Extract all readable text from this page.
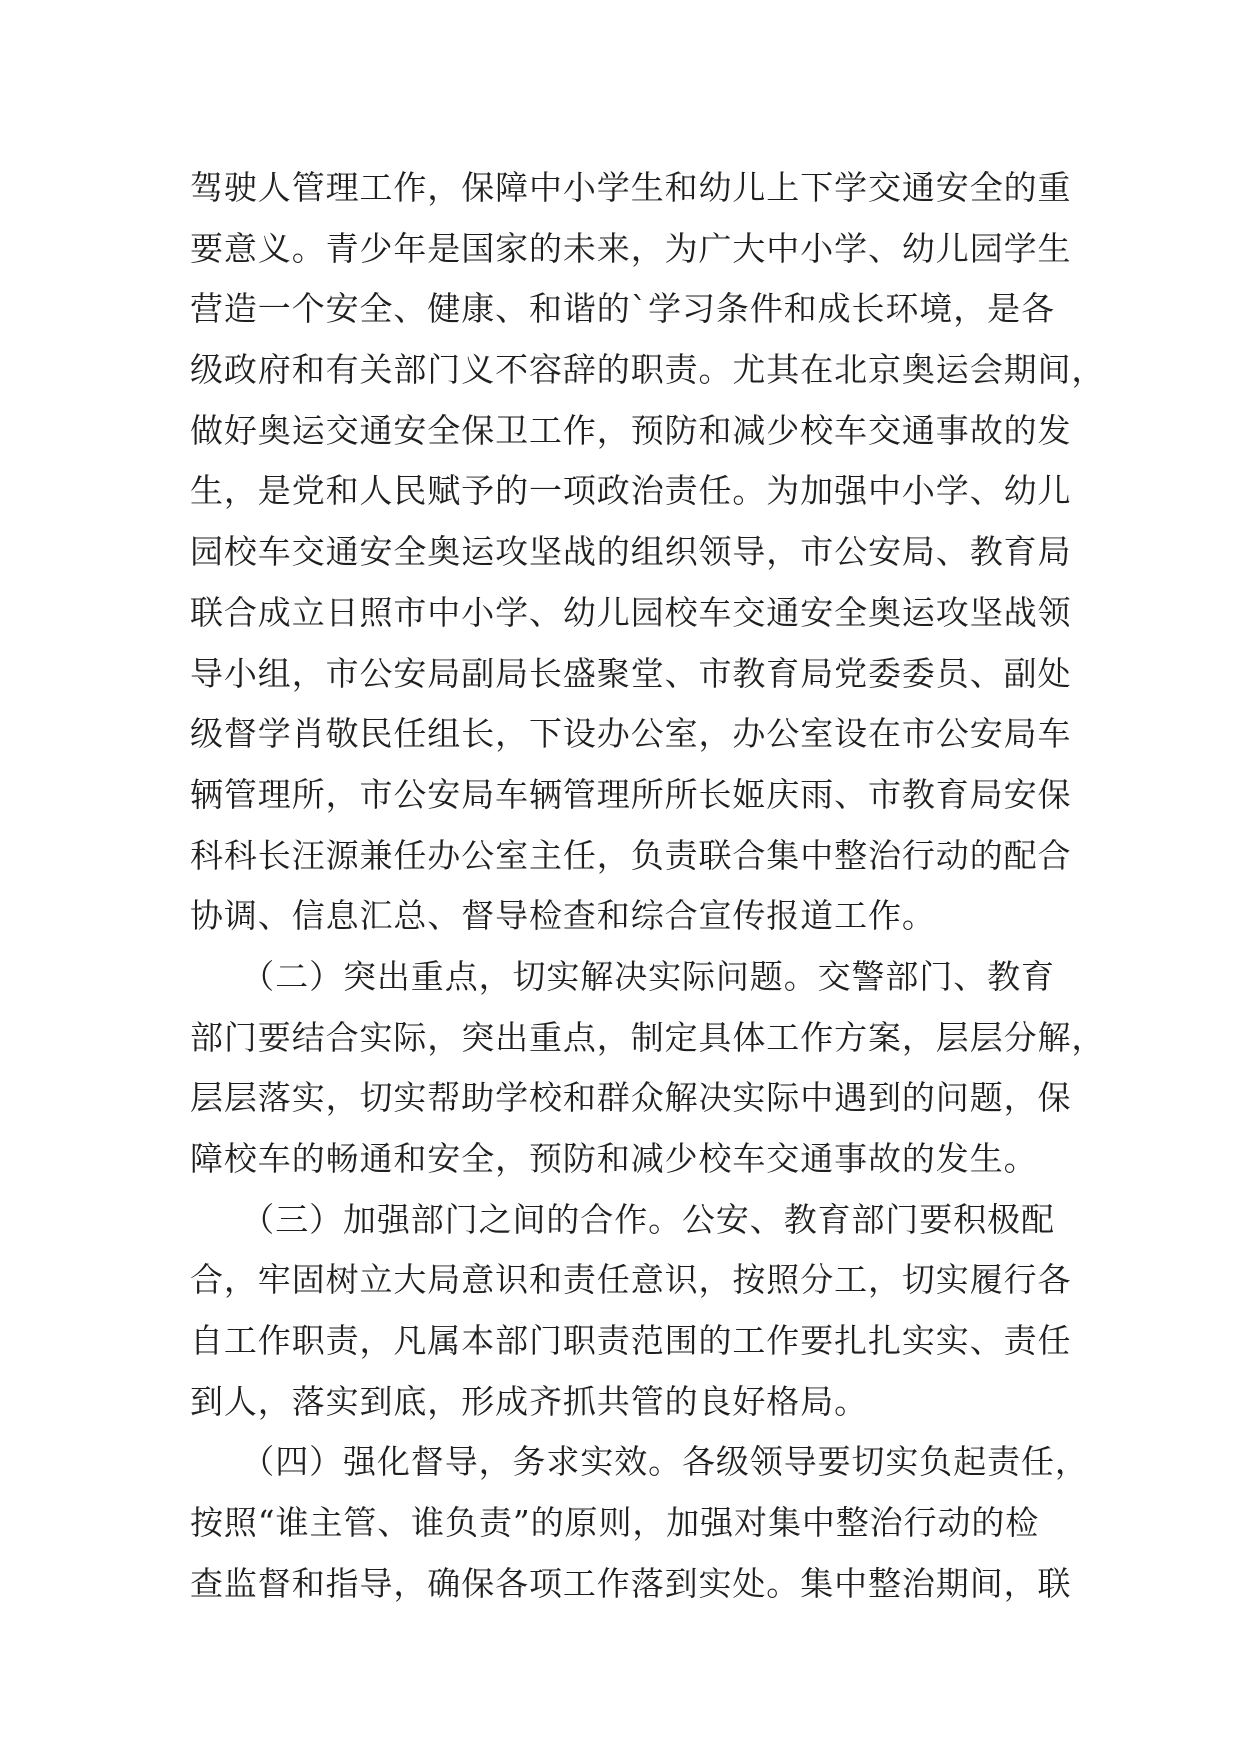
驾驶人管理工作，保障中小学生和幼儿上下学交通安全的重
要意义。青少年是国家的未来，为广大中小学、幼儿园学生
营造一个安全、健康、和谐的`学习条件和成长环境，是各
级政府和有关部门义不容辞的职责。尤其在北京奥运会期间，
做好奥运交通安全保卫工作，预防和减少校车交通事故的发
生，是党和人民赋予的一项政治责任。为加强中小学、幼儿
园校车交通安全奥运攻坚战的组织领导，市公安局、教育局
联合成立日照市中小学、幼儿园校车交通安全奥运攻坚战领
导小组，市公安局副局长盛聚堂、市教育局党委委员、副处
级督学肖敬民任组长，下设办公室，办公室设在市公安局车
辆管理所，市公安局车辆管理所所长姬庆雨、市教育局安保
科科长汪源兼任办公室主任，负责联合集中整治行动的配合
协调、信息汇总、督导检查和综合宣传报道工作。
　　（二）突出重点，切实解决实际问题。交警部门、教育
部门要结合实际，突出重点，制定具体工作方案，层层分解，
层层落实，切实帮助学校和群众解决实际中遇到的问题，保
障校车的畅通和安全，预防和减少校车交通事故的发生。
　　（三）加强部门之间的合作。公安、教育部门要积极配
合，牢固树立大局意识和责任意识，按照分工，切实履行各
自工作职责，凡属本部门职责范围的工作要扎扎实实、责任
到人，落实到底，形成齐抓共管的良好格局。
　　（四）强化督导，务求实效。各级领导要切实负起责任，
按照“谁主管、谁负责”的原则，加强对集中整治行动的检
查监督和指导，确保各项工作落到实处。集中整治期间，联
